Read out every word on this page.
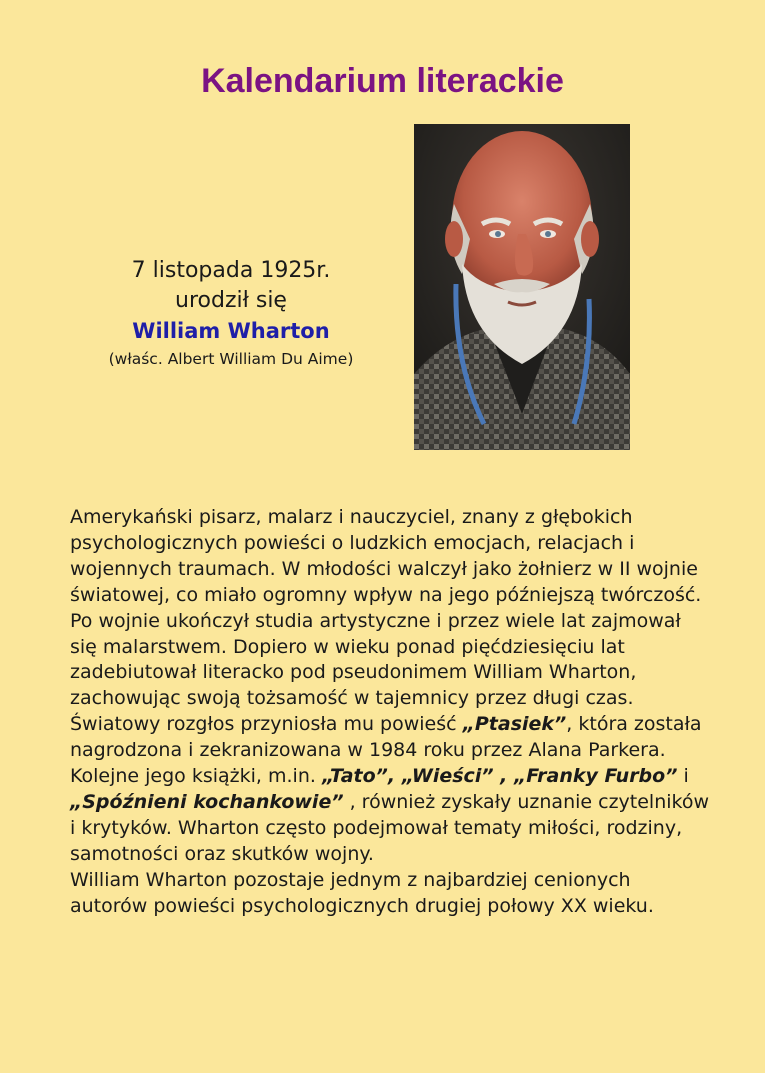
Kalendarium literackie
7 listopada 1925r.
urodził się
William Wharton
(właśc. Albert William Du Aime)

Amerykański pisarz, malarz i nauczyciel, znany z głębokich psychologicznych powieści o ludzkich emocjach, relacjach i wojennych traumach. W młodości walczył jako żołnierz w II wojnie światowej, co miało ogromny wpływ na jego późniejszą twórczość. Po wojnie ukończył studia artystyczne i przez wiele lat zajmował się malarstwem. Dopiero w wieku ponad pięćdziesięciu lat zadebiutował literacko pod pseudonimem William Wharton, zachowując swoją tożsamość w tajemnicy przez długi czas.

Światowy rozgłos przyniosła mu powieść „Ptasiek”, która została nagrodzona i zekranizowana w 1984 roku przez Alana Parkera. Kolejne jego książki, m.in. „Tato”, „Wieści” , „Franky Furbo” i „Spóźnieni kochankowie” , również zyskały uznanie czytelników i krytyków. Wharton często podejmował tematy miłości, rodziny, samotności oraz skutków wojny.

William Wharton pozostaje jednym z najbardziej cenionych autorów powieści psychologicznych drugiej połowy XX wieku.
